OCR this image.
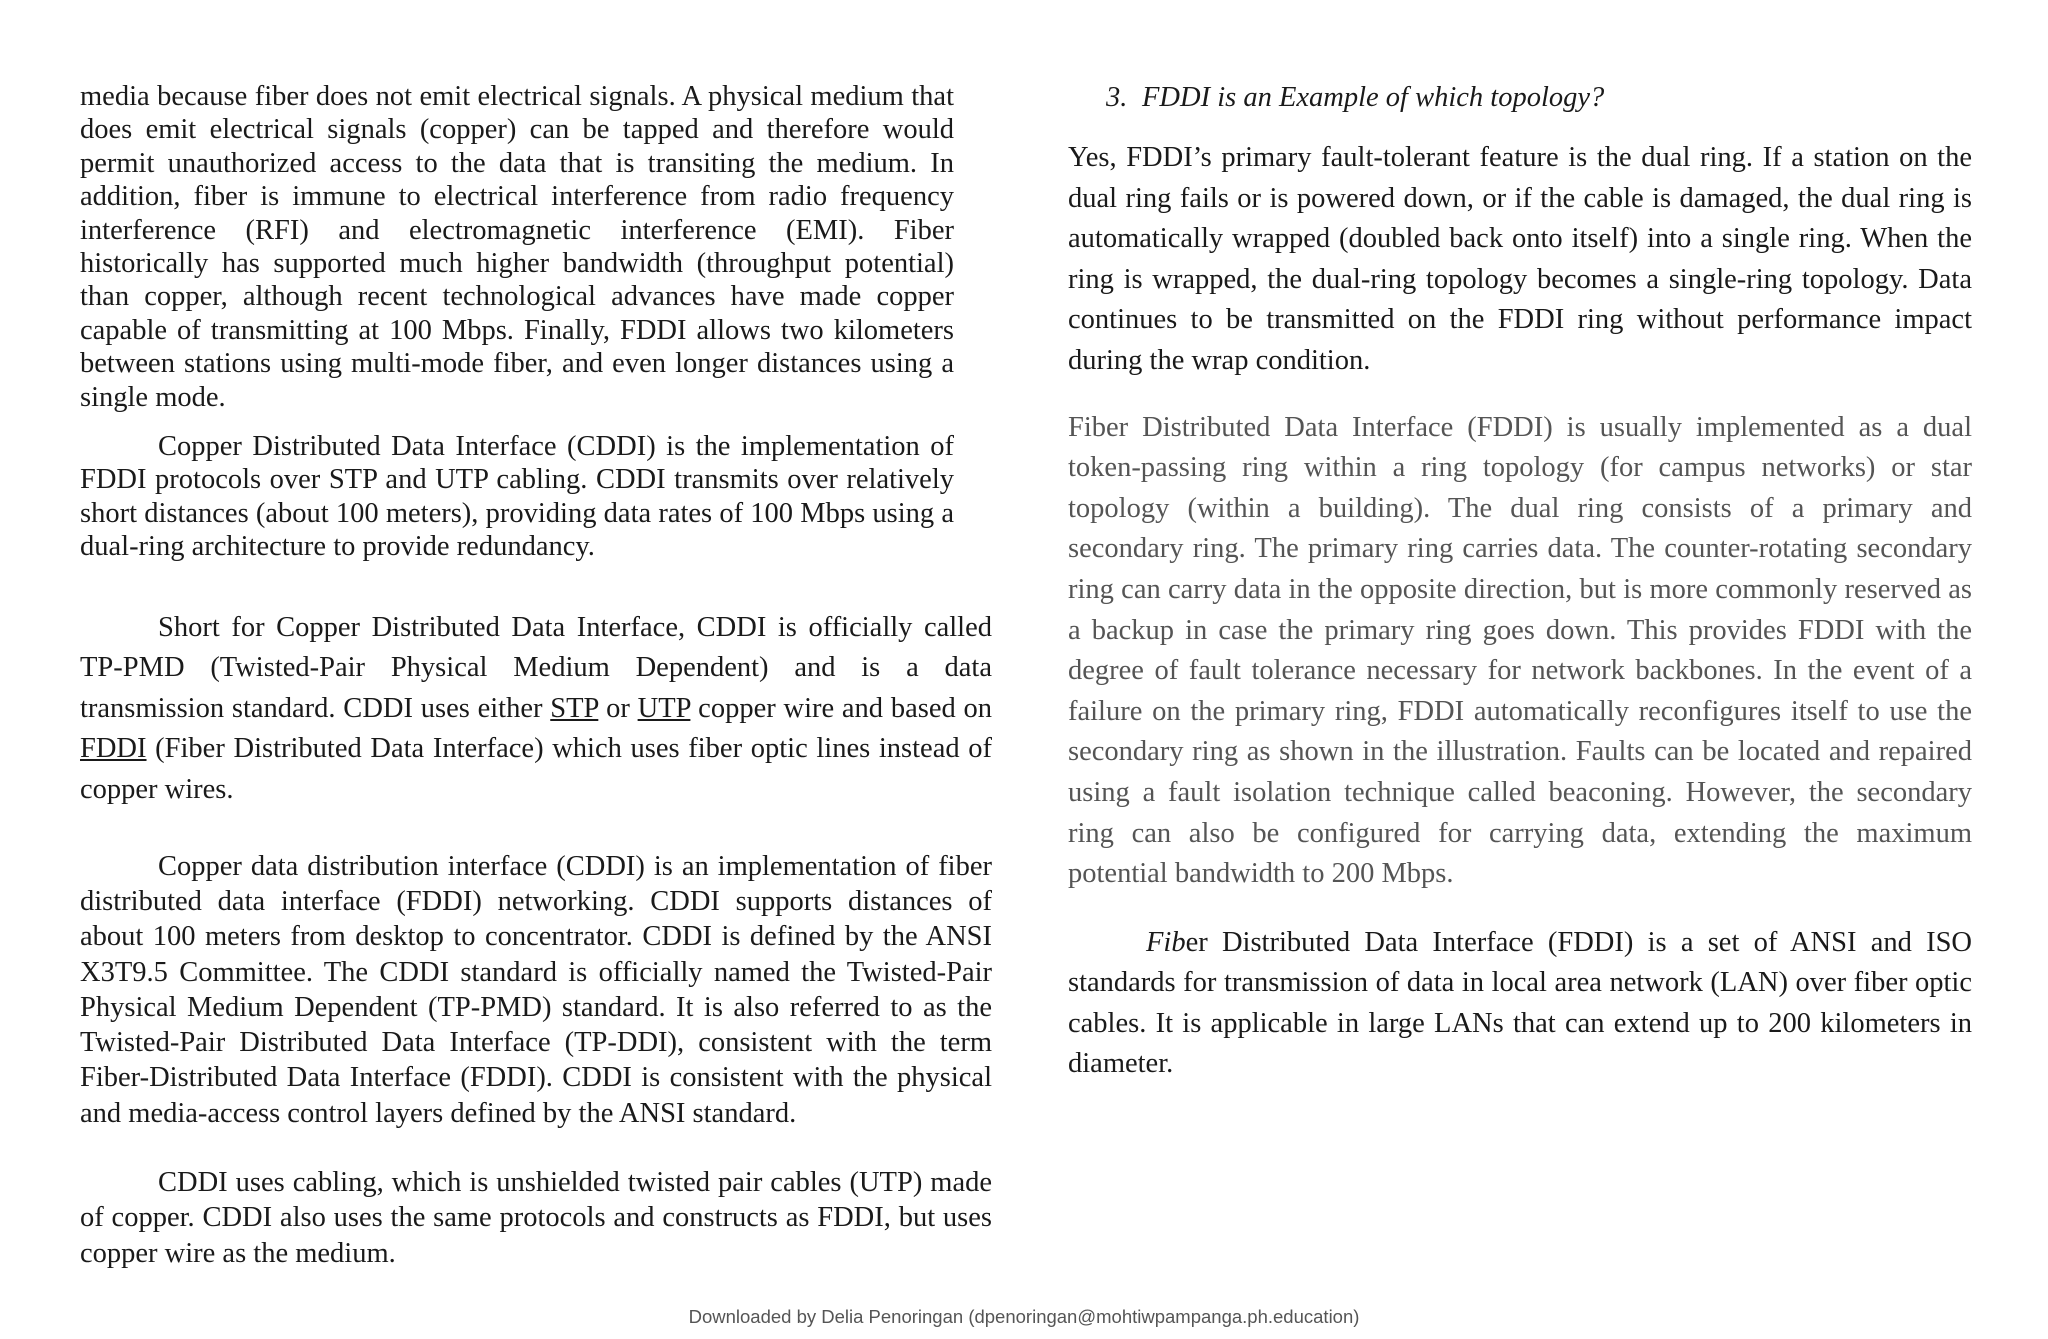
media because fiber does not emit electrical signals. A physical medium that does emit electrical signals (copper) can be tapped and therefore would permit unauthorized access to the data that is transiting the medium. In addition, fiber is immune to electrical interference from radio frequency interference (RFI) and electromagnetic interference (EMI). Fiber historically has supported much higher bandwidth (throughput potential) than copper, although recent technological advances have made copper capable of transmitting at 100 Mbps. Finally, FDDI allows two kilometers between stations using multi-mode fiber, and even longer distances using a single mode.

Copper Distributed Data Interface (CDDI) is the implementation of FDDI protocols over STP and UTP cabling. CDDI transmits over relatively short distances (about 100 meters), providing data rates of 100 Mbps using a dual-ring architecture to provide redundancy.

Short for Copper Distributed Data Interface, CDDI is officially called TP-PMD (Twisted-Pair Physical Medium Dependent) and is a data transmission standard. CDDI uses either STP or UTP copper wire and based on FDDI (Fiber Distributed Data Interface) which uses fiber optic lines instead of copper wires.

Copper data distribution interface (CDDI) is an implementation of fiber distributed data interface (FDDI) networking. CDDI supports distances of about 100 meters from desktop to concentrator. CDDI is defined by the ANSI X3T9.5 Committee. The CDDI standard is officially named the Twisted-Pair Physical Medium Dependent (TP-PMD) standard. It is also referred to as the Twisted-Pair Distributed Data Interface (TP-DDI), consistent with the term Fiber-Distributed Data Interface (FDDI). CDDI is consistent with the physical and media-access control layers defined by the ANSI standard.

CDDI uses cabling, which is unshielded twisted pair cables (UTP) made of copper. CDDI also uses the same protocols and constructs as FDDI, but uses copper wire as the medium.

3. FDDI is an Example of which topology?

Yes, FDDI’s primary fault-tolerant feature is the dual ring. If a station on the dual ring fails or is powered down, or if the cable is damaged, the dual ring is automatically wrapped (doubled back onto itself) into a single ring. When the ring is wrapped, the dual-ring topology becomes a single-ring topology. Data continues to be transmitted on the FDDI ring without performance impact during the wrap condition.

Fiber Distributed Data Interface (FDDI) is usually implemented as a dual token-passing ring within a ring topology (for campus networks) or star topology (within a building). The dual ring consists of a primary and secondary ring. The primary ring carries data. The counter-rotating secondary ring can carry data in the opposite direction, but is more commonly reserved as a backup in case the primary ring goes down. This provides FDDI with the degree of fault tolerance necessary for network backbones. In the event of a failure on the primary ring, FDDI automatically reconfigures itself to use the secondary ring as shown in the illustration. Faults can be located and repaired using a fault isolation technique called beaconing. However, the secondary ring can also be configured for carrying data, extending the maximum potential bandwidth to 200 Mbps.

Fiber Distributed Data Interface (FDDI) is a set of ANSI and ISO standards for transmission of data in local area network (LAN) over fiber optic cables. It is applicable in large LANs that can extend up to 200 kilometers in diameter.

Downloaded by Delia Penoringan (dpenoringan@mohtiwpampanga.ph.education)
